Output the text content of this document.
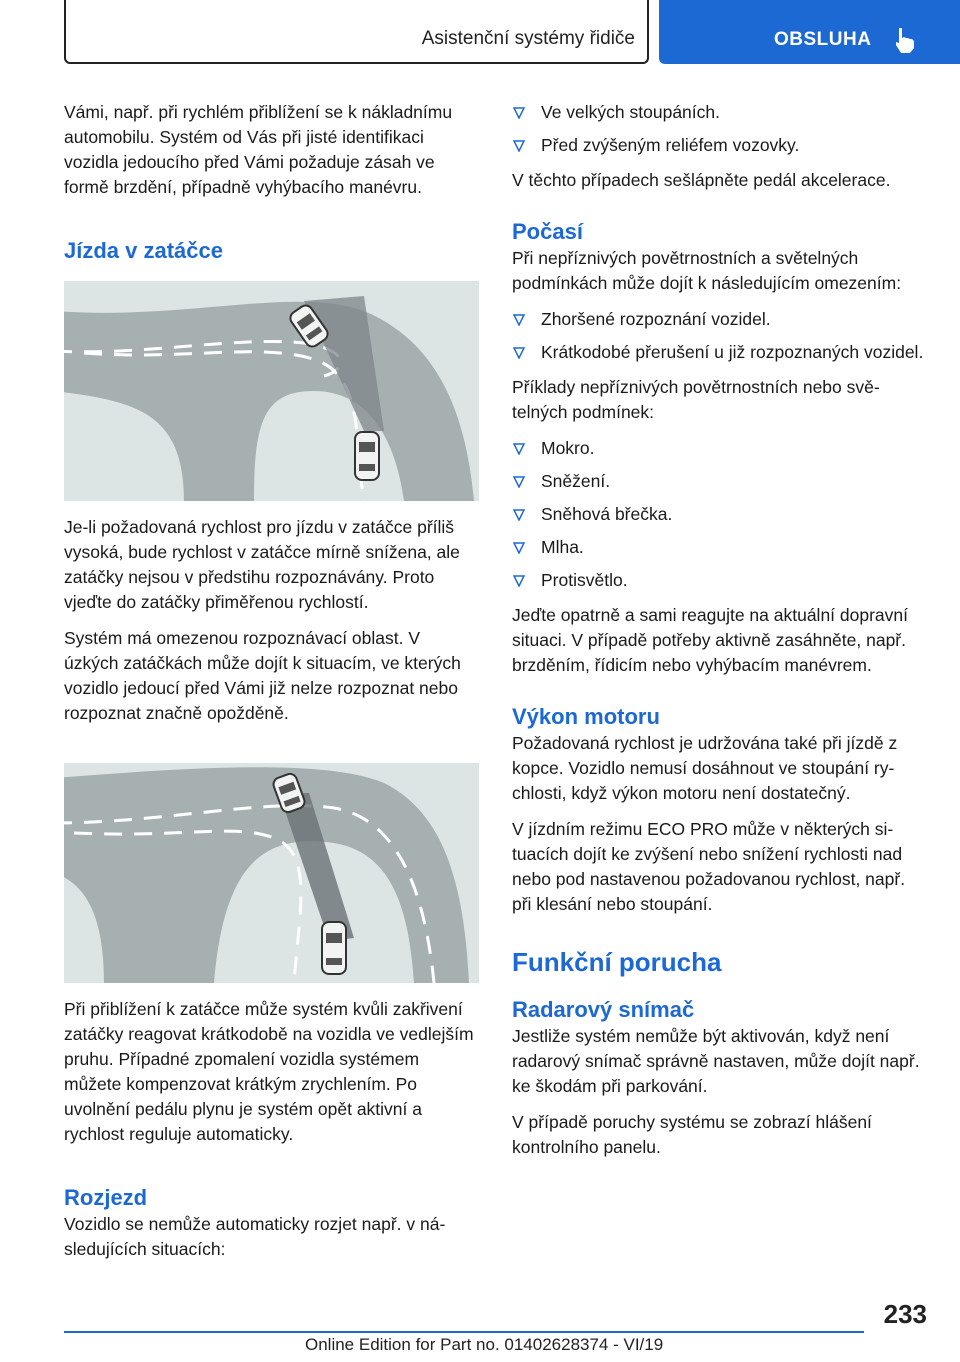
Asistenční systémy řidiče	OBSLUHA

Vámi, např. při rychlém přiblížení se k nákladnímu automobilu. Systém od Vás při jisté identifikaci vozidla jedoucího před Vámi požaduje zásah ve formě brzdění, případně vyhýbacího manévru.

Jízda v zatáčce

Je-li požadovaná rychlost pro jízdu v zatáčce příliš vysoká, bude rychlost v zatáčce mírně snížena, ale zatáčky nejsou v předstihu rozpoznávány. Proto vjeďte do zatáčky přiměřenou rychlostí.

Systém má omezenou rozpoznávací oblast. V úzkých zatáčkách může dojít k situacím, ve kterých vozidlo jedoucí před Vámi již nelze rozpoznat nebo rozpoznat značně opožděně.

Při přiblížení k zatáčce může systém kvůli zakřivení zatáčky reagovat krátkodobě na vozidla ve vedlejším pruhu. Případné zpomalení vozidla systémem můžete kompenzovat krátkým zrychlením. Po uvolnění pedálu plynu je systém opět aktivní a rychlost reguluje automaticky.

Rozjezd

Vozidlo se nemůže automaticky rozjet např. v následujících situacích:

Ve velkých stoupáních.
Před zvýšeným reliéfem vozovky.

V těchto případech sešlápněte pedál akcelerace.

Počasí

Při nepříznivých povětrnostních a světelných podmínkách může dojít k následujícím omezením:

Zhoršené rozpoznání vozidel.
Krátkodobé přerušení u již rozpoznaných vozidel.

Příklady nepříznivých povětrnostních nebo světelných podmínek:

Mokro.
Sněžení.
Sněhová břečka.
Mlha.
Protisvětlo.

Jeďte opatrně a sami reagujte na aktuální dopravní situaci. V případě potřeby aktivně zasáhněte, např. brzděním, řídicím nebo vyhýbacím manévrem.

Výkon motoru

Požadovaná rychlost je udržována také při jízdě z kopce. Vozidlo nemusí dosáhnout ve stoupání rychlosti, když výkon motoru není dostatečný.

V jízdním režimu ECO PRO může v některých situacích dojít ke zvýšení nebo snížení rychlosti nad nebo pod nastavenou požadovanou rychlost, např. při klesání nebo stoupání.

Funkční porucha
Radarový snímač

Jestliže systém nemůže být aktivován, když není radarový snímač správně nastaven, může dojít např. ke škodám při parkování.

V případě poruchy systému se zobrazí hlášení kontrolního panelu.

233
Online Edition for Part no. 01402628374 - VI/19
